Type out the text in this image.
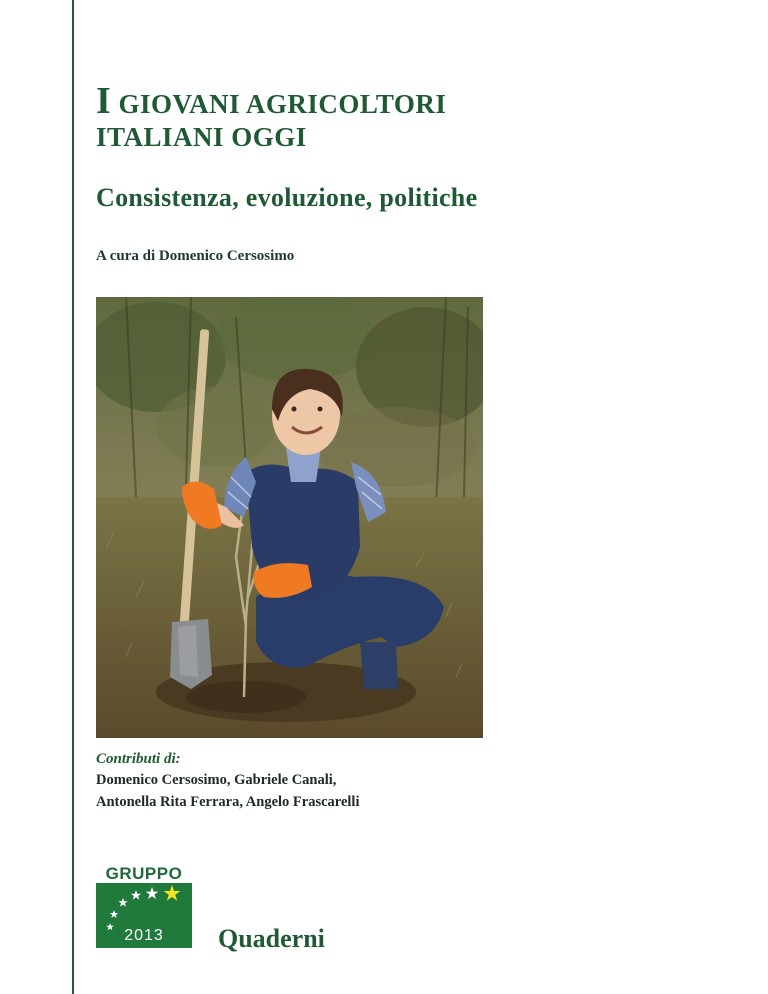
I GIOVANI AGRICOLTORI
ITALIANI OGGI
Consistenza, evoluzione, politiche
A cura di Domenico Cersosimo
Contributi di:
Domenico Cersosimo, Gabriele Canali,
Antonella Rita Ferrara, Angelo Frascarelli
GRUPPO
2013	Quaderni
